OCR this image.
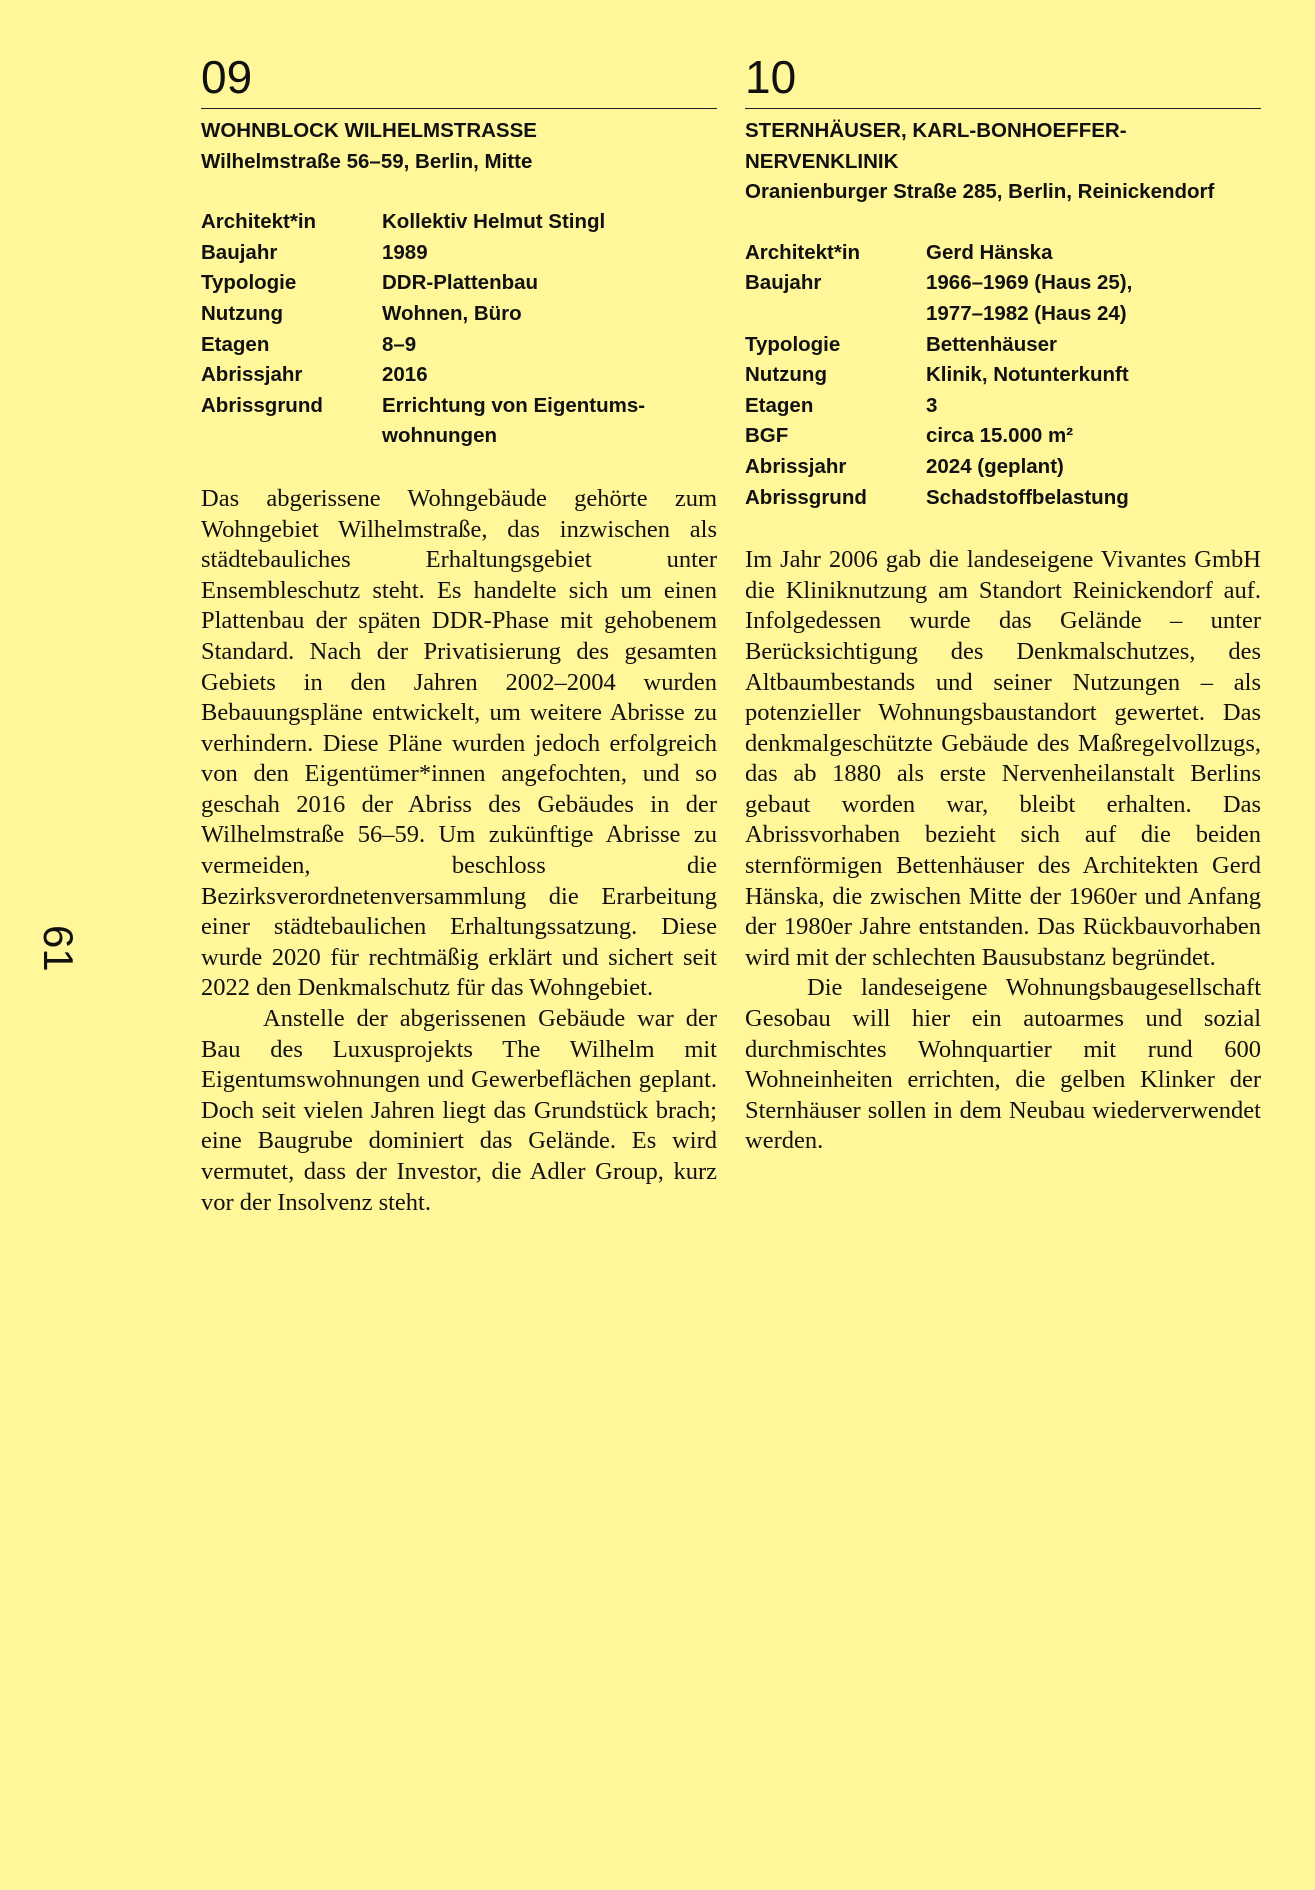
61
09
WOHNBLOCK WILHELMSTRASSE
Wilhelmstraße 56–59, Berlin, Mitte
Architekt*in	Kollektiv Helmut Stingl
Baujahr	1989
Typologie	DDR-Plattenbau
Nutzung	Wohnen, Büro
Etagen	8–9
Abrissjahr	2016
Abrissgrund	Errichtung von Eigentums-
wohnungen

Das abgerissene Wohngebäude gehörte zum Wohngebiet Wilhelmstraße, das inzwischen als städtebauliches Erhaltungsgebiet unter Ensembleschutz steht. Es handelte sich um einen Plattenbau der späten DDR-Phase mit gehobenem Standard. Nach der Privatisierung des gesamten Gebiets in den Jahren 2002–2004 wurden Bebauungspläne entwickelt, um weitere Abrisse zu verhindern. Diese Pläne wurden jedoch erfolgreich von den Eigentümer*innen angefochten, und so geschah 2016 der Abriss des Gebäudes in der Wilhelmstraße 56–59. Um zukünftige Abrisse zu vermeiden, beschloss die Bezirksverordnetenversammlung die Erarbeitung einer städtebaulichen Erhaltungssatzung. Diese wurde 2020 für rechtmäßig erklärt und sichert seit 2022 den Denkmalschutz für das Wohngebiet.

Anstelle der abgerissenen Gebäude war der Bau des Luxusprojekts The Wilhelm mit Eigentumswohnungen und Gewerbeflächen geplant. Doch seit vielen Jahren liegt das Grundstück brach; eine Baugrube dominiert das Gelände. Es wird vermutet, dass der Investor, die Adler Group, kurz vor der Insolvenz steht.

10
STERNHÄUSER, KARL-BONHOEFFER-NERVENKLINIK
Oranienburger Straße 285, Berlin, Reinickendorf
Architekt*in	Gerd Hänska
Baujahr	1966–1969 (Haus 25),
1977–1982 (Haus 24)
Typologie	Bettenhäuser
Nutzung	Klinik, Notunterkunft
Etagen	3
BGF	circa 15.000 m²
Abrissjahr	2024 (geplant)
Abrissgrund	Schadstoffbelastung

Im Jahr 2006 gab die landeseigene Vivantes GmbH die Kliniknutzung am Standort Reinickendorf auf. Infolgedessen wurde das Gelände – unter Berücksichtigung des Denkmalschutzes, des Altbaumbestands und seiner Nutzungen – als potenzieller Wohnungsbaustandort gewertet. Das denkmalgeschützte Gebäude des Maßregelvollzugs, das ab 1880 als erste Nervenheilanstalt Berlins gebaut worden war, bleibt erhalten. Das Abrissvorhaben bezieht sich auf die beiden sternförmigen Bettenhäuser des Architekten Gerd Hänska, die zwischen Mitte der 1960er und Anfang der 1980er Jahre entstanden. Das Rückbauvorhaben wird mit der schlechten Bausubstanz begründet.

Die landeseigene Wohnungsbaugesellschaft Gesobau will hier ein autoarmes und sozial durchmischtes Wohnquartier mit rund 600 Wohneinheiten errichten, die gelben Klinker der Sternhäuser sollen in dem Neubau wiederverwendet werden.
